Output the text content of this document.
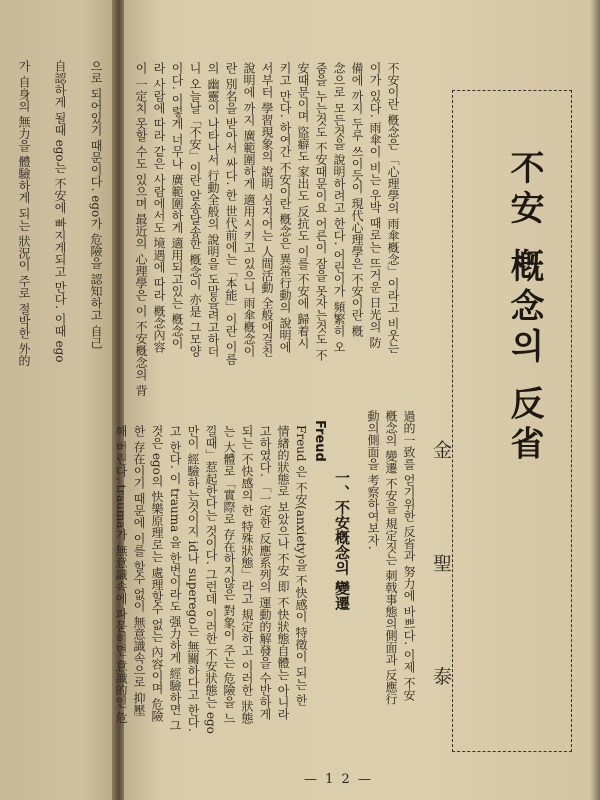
으로 되어있기 때문이다. ego가 危險을 認知하고 自己
自認하게 될때 ego는 不安에 빠지게되고 만다. 이때 ego
가 自身의 無力을 體驗하게 되는 狀況이 주로 절박한 外的	不安 槪念의 反省
金 聖 泰

不安이란 槪念은 「心理學의 雨傘槪念」이라고 비웃는

이가 있다. 雨傘이 비는 우박 때로는 뜨거운 日光의 防

備에 까지 두루 쓰이듯이 現代心理學은 不安이란 槪

念으로 모든것을 說明하려고 한다. 어린이가 頻繁히 오

줌을 누는것도 不安때문이요 어른이 잠을 못자는것도 不

安때문이며 盜癖도 家出도 反抗도 이를 不安에 歸着시

키고 만다. 하여간 不安이란 槪念은 異常行動의 說明에

서부터 學習現象의 說明 심지어는 人間活動 全般에걸친

說明에 까지 廣範圍하게 適用시키고 있으니 雨傘槪念이

란 別名을 받아서 싸다. 한 世代前에는「本能」이란 이름

의 幽靈이 나타나서 行動全般의 說明을 도맡을려고하더

니 오늘날「不安」이란 알송달송한 槪念이 亦是 그모양

이다. 이렇게 너무나 廣範圍하게 適用되고있는 槪念이

라 사람에 따라 같은 사람에서도 境遇에 따라 槪念內容

이 一定치 못할 수도 있으며 最近의 心理學은 이 不安槪念의 背

過的一致를 얻기위한 反省과 努力에 바쁘다. 이제 不安

槪念의 變遷 不安을 規定짓는 刺戟事態의側面과 反應行

動의側面을 考察하여보자.

一、不安槪念의 變遷
Freud

Freud 은 不安(anxiety)을 不快感이 特徵이 되는 한

情緖的狀態로 보았으나 不安 即 不快狀態自體는 아니라

고하였다. 「一定한 反應系列의 運動的解發을 수반하게

되는 不快感의 한 特殊狀態」라고 規定하고 이러한 狀態

는 大體로「實際로 存在하지않은 對象이 주는 危險을 느

낄때」惹起한다는 것이다. 그런데 이러한 不安狀態는 ego

만이 經驗하는것이지 id나 superego는 無關하다고 한다.

고 한다. 이 trauma 을 한번이라도 强力하게 經驗하면 그

것은 ego의 快樂原理로는 處理할수 없는 內容이며 危險

한 存在이기 때문에 이를 할수 없이 無意識속으로 抑壓

해 버린다. trauma가 無意識속에 파묻히면 意識的인 危

— 1 2 —
